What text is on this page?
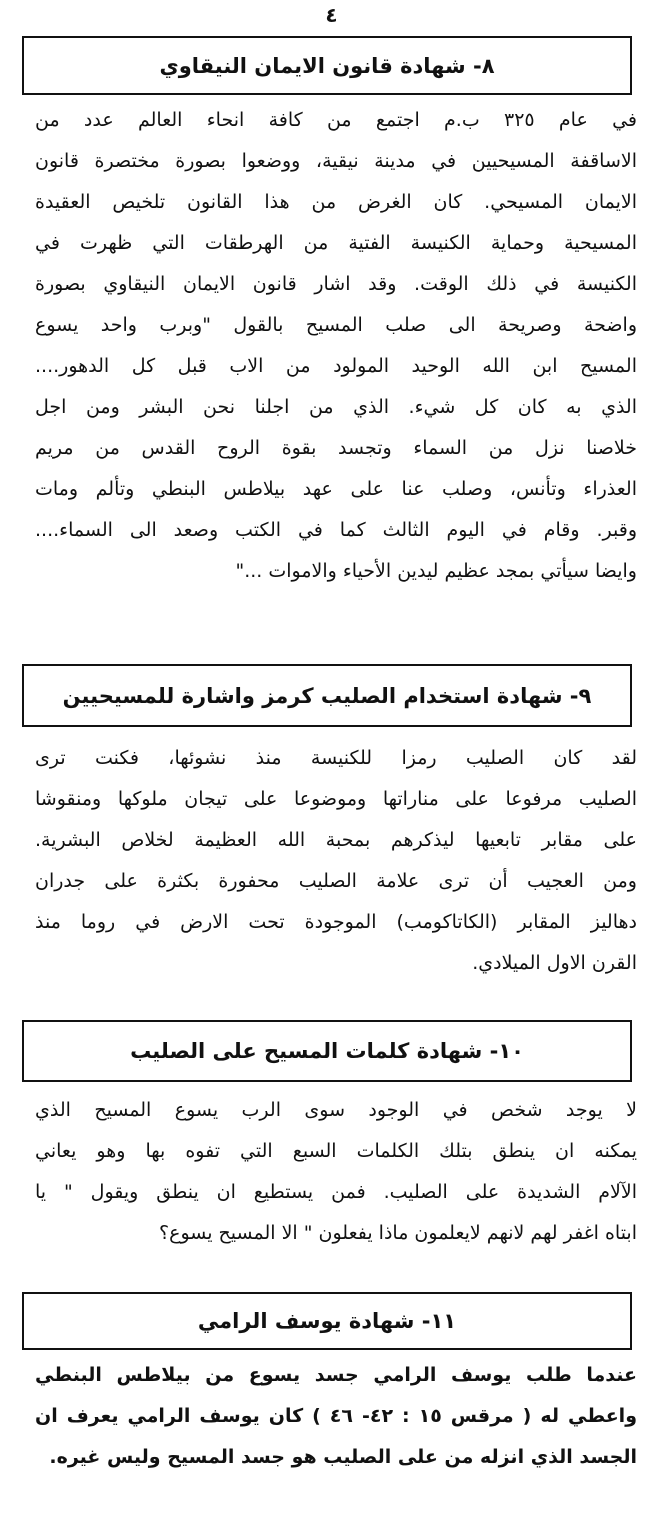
٤
٨- شهادة قانون الايمان النيقاوي
في عام ٣٢٥ ب.م اجتمع من كافة انحاء العالم عدد من
الاساقفة المسيحيين في مدينة نيقية، ووضعوا بصورة مختصرة قانون
الايمان المسيحي. كان الغرض من هذا القانون تلخيص العقيدة
المسيحية وحماية الكنيسة الفتية من الهرطقات التي ظهرت في
الكنيسة في ذلك الوقت. وقد اشار قانون الايمان النيقاوي بصورة
واضحة وصريحة الى صلب المسيح بالقول "وبرب واحد يسوع
المسيح ابن الله الوحيد المولود من الاب قبل كل الدهور....
الذي به كان كل شيء. الذي من اجلنا نحن البشر ومن اجل
خلاصنا نزل من السماء وتجسد بقوة الروح القدس من مريم
العذراء وتأنس، وصلب عنا على عهد بيلاطس البنطي وتألم ومات
وقبر. وقام في اليوم الثالث كما في الكتب وصعد الى السماء....
وايضا سيأتي بمجد عظيم ليدين الأحياء والاموات ..."
٩- شهادة استخدام الصليب كرمز واشارة للمسيحيين
لقد كان الصليب رمزا للكنيسة منذ نشوئها، فكنت ترى
الصليب مرفوعا على مناراتها وموضوعا على تيجان ملوكها ومنقوشا
على مقابر تابعيها ليذكرهم بمحبة الله العظيمة لخلاص البشرية.
ومن العجيب أن ترى علامة الصليب محفورة بكثرة على جدران
دهاليز المقابر (الكاتاكومب) الموجودة تحت الارض في روما منذ
القرن الاول الميلادي.
١٠- شهادة كلمات المسيح على الصليب
لا يوجد شخص في الوجود سوى الرب يسوع المسيح الذي
يمكنه ان ينطق بتلك الكلمات السبع التي تفوه بها وهو يعاني
الآلام الشديدة على الصليب. فمن يستطيع ان ينطق ويقول " يا
ابتاه اغفر لهم لانهم لايعلمون ماذا يفعلون " الا المسيح يسوع؟
١١- شهادة يوسف الرامي
عندما طلب يوسف الرامي جسد يسوع من بيلاطس البنطي
واعطي له ( مرقس ١٥ : ٤٢- ٤٦ ) كان يوسف الرامي يعرف ان
الجسد الذي انزله من على الصليب هو جسد المسيح وليس غيره.
